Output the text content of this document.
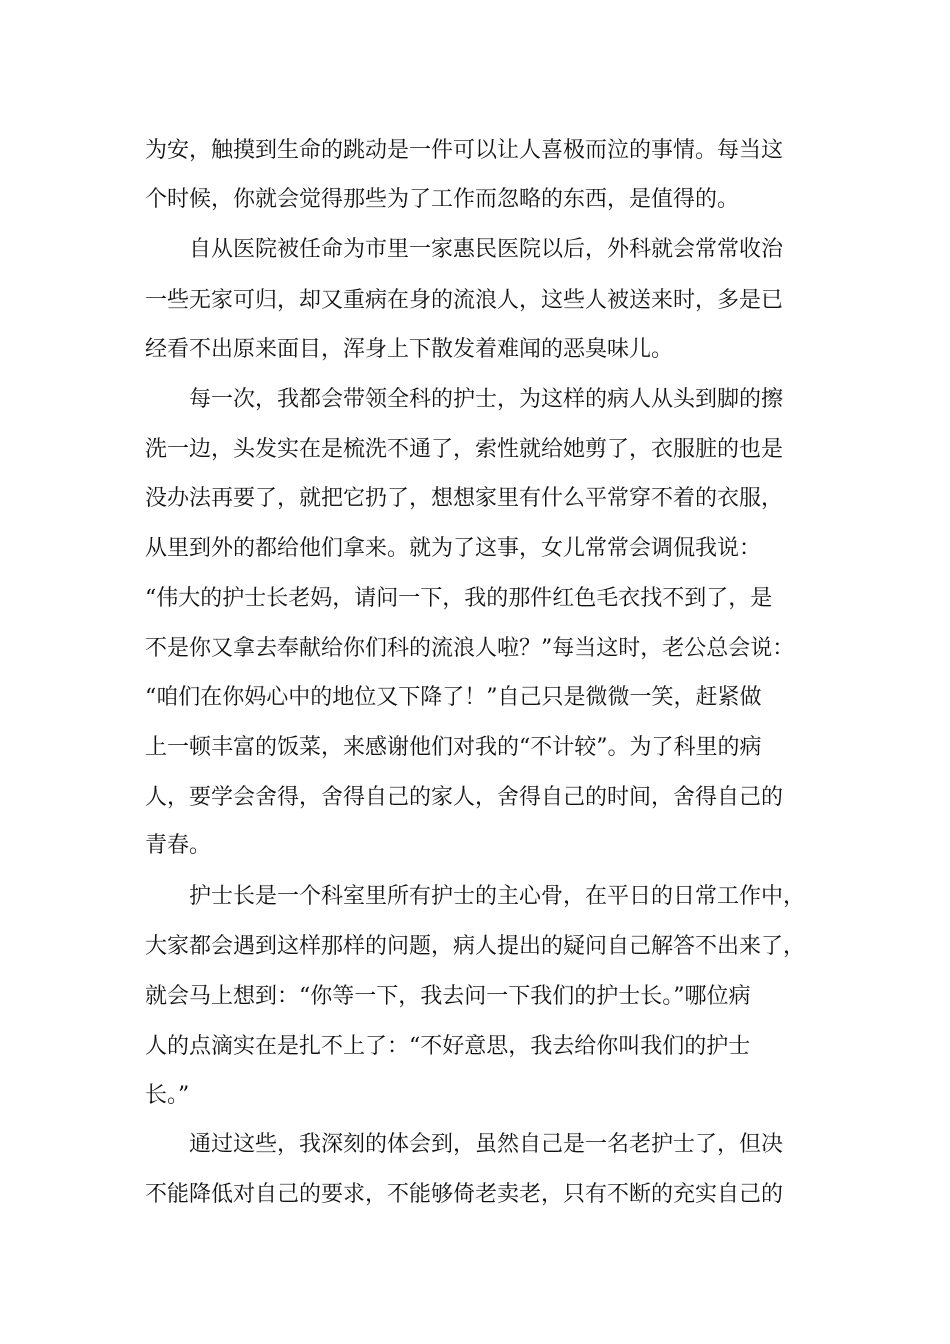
为安，触摸到生命的跳动是一件可以让人喜极而泣的事情。每当这
个时候，你就会觉得那些为了工作而忽略的东西，是值得的。
自从医院被任命为市里一家惠民医院以后，外科就会常常收治
一些无家可归，却又重病在身的流浪人，这些人被送来时，多是已
经看不出原来面目，浑身上下散发着难闻的恶臭味儿。
每一次，我都会带领全科的护士，为这样的病人从头到脚的擦
洗一边，头发实在是梳洗不通了，索性就给她剪了，衣服脏的也是
没办法再要了，就把它扔了，想想家里有什么平常穿不着的衣服，
从里到外的都给他们拿来。就为了这事，女儿常常会调侃我说：
“伟大的护士长老妈，请问一下，我的那件红色毛衣找不到了，是
不是你又拿去奉献给你们科的流浪人啦？”每当这时，老公总会说：
“咱们在你妈心中的地位又下降了！”自己只是微微一笑，赶紧做
上一顿丰富的饭菜，来感谢他们对我的“不计较”。为了科里的病
人，要学会舍得，舍得自己的家人，舍得自己的时间，舍得自己的
青春。
护士长是一个科室里所有护士的主心骨，在平日的日常工作中，
大家都会遇到这样那样的问题，病人提出的疑问自己解答不出来了，
就会马上想到：“你等一下，我去问一下我们的护士长。”哪位病
人的点滴实在是扎不上了：“不好意思，我去给你叫我们的护士
长。”
通过这些，我深刻的体会到，虽然自己是一名老护士了，但决
不能降低对自己的要求，不能够倚老卖老，只有不断的充实自己的
